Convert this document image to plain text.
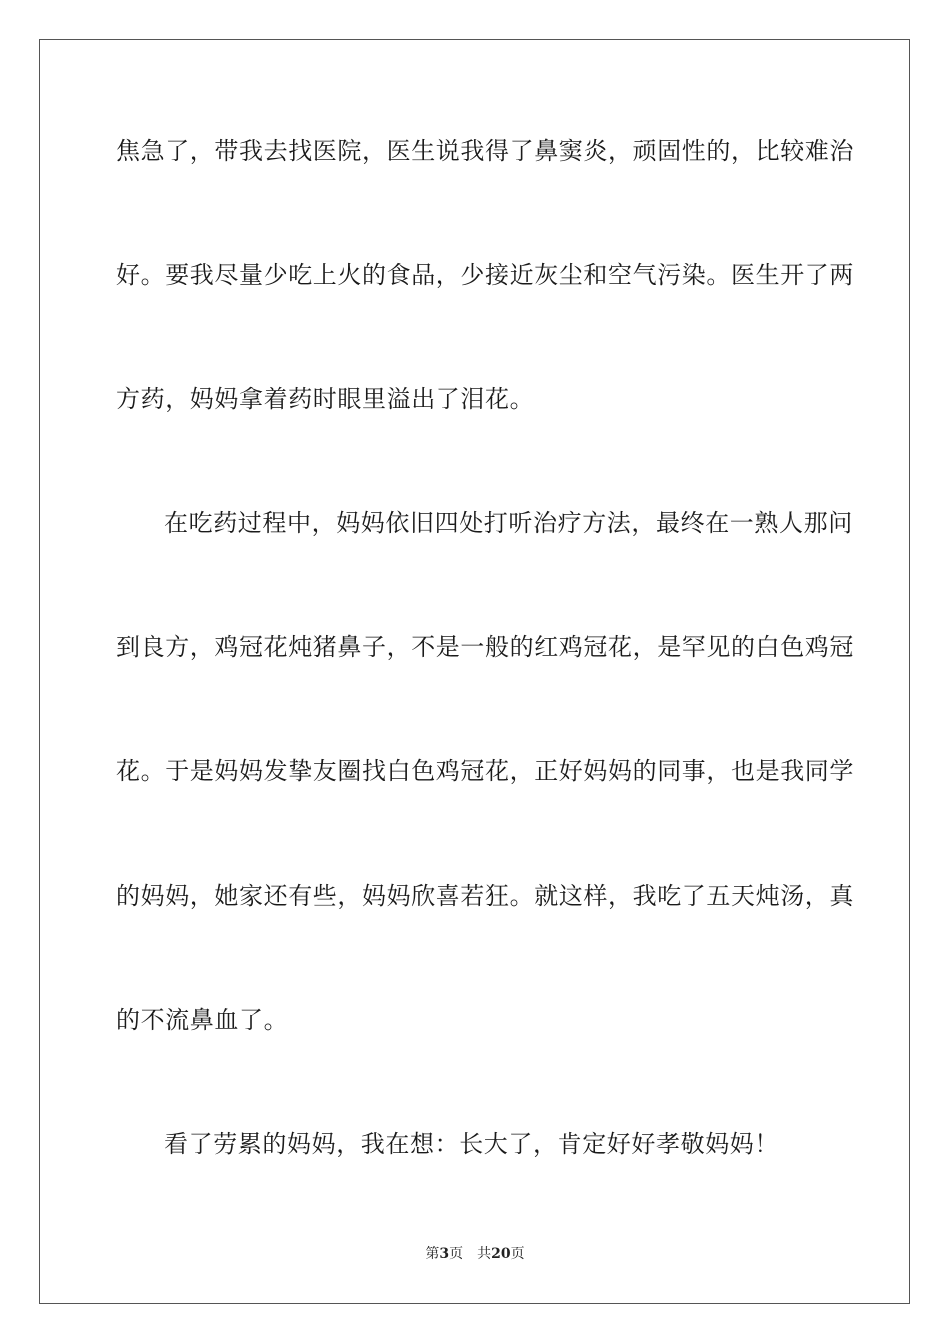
焦急了，带我去找医院，医生说我得了鼻窦炎，顽固性的，比较难治
好。要我尽量少吃上火的食品，少接近灰尘和空气污染。医生开了两
方药，妈妈拿着药时眼里溢出了泪花。
在吃药过程中，妈妈依旧四处打听治疗方法，最终在一熟人那问
到良方，鸡冠花炖猪鼻子，不是一般的红鸡冠花，是罕见的白色鸡冠
花。于是妈妈发挚友圈找白色鸡冠花，正好妈妈的同事，也是我同学
的妈妈，她家还有些，妈妈欣喜若狂。就这样，我吃了五天炖汤，真
的不流鼻血了。
看了劳累的妈妈，我在想：长大了，肯定好好孝敬妈妈！
第3页 共20页
